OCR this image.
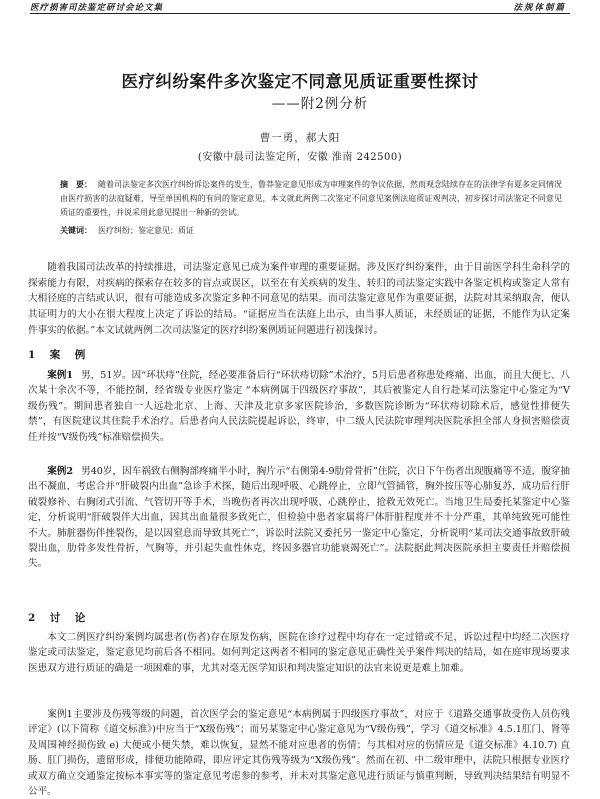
医疗损害司法鉴定研讨会论文集	法规体制篇
医疗纠纷案件多次鉴定不同意见质证重要性探讨
——附2例分析
曹一勇，郝大阳
(安徽中晨司法鉴定所，安徽 淮南 242500)
摘　要： 随着司法鉴定多次医疗纠纷诉讼案件的发生，鲁莽鉴定意见形成为审理案件的争议依据，然而观念陆续存在的法律学有夏多定同情况由医疗损害的法庭疑难，导至单国机构的有同的鉴定意见，本文就此两例二次鉴定不同意见案例法庭质证观判决，初步探讨司法鉴定不同意见质证的重要性，并说采用此意见提出一种新的尝试。
关键词： 医疗纠纷；鉴定意见；质证
随着我国司法改革的持续推进，司法鉴定意见已成为案件审理的重要证据。涉及医疗纠纷案件，由于目前医学科生命科学的探索能力有限，对疾病的探索存在较多的盲点或误区，以至在有关疾病的发生、转归的司法鉴定实践中各鉴定机构或鉴定人常有大相径庭的言结或认识，很有可能造成多次鉴定多种不同意见的结果。而司法鉴定意见作为重要证据，法院对其采纳取舍，便认其证明力的大小在很大程度上决定了诉讼的结局。“证据应当在法庭上出示，由当事人质证，未经质证的证据，不能作为认定案件事实的依据。”本文试就两例二次司法鉴定的医疗纠纷案例质证问题进行初浅探讨。
1　案　例
案例1 男，51岁。因“环状痔”住院，经必要准备后行“环状痔切除”术治疗，5月后患者称患处疼痛、出血，而且大便七、八次某十余次不等，不能控制，经省级专业医疗鉴定 “本病例属于四级医疗事故”，其后被鉴定人自行赴某司法鉴定中心鉴定为“Ⅴ级伤残”。期间患者独自一人远赴北京、上海、天津及北京多家医院诊治，多数医院诊断为“环状痔切除术后，感觉性排便失禁”，有医院建议其住院手术治疗。后患者向人民法院提起诉讼，终审，中二级人民法院审理判决医院承担全部人身损害赔偿责任并按“Ⅴ级伤残”标准赔偿损失。
案例2 男40岁，因车祸致右侧胸部疼痛半小时，胸片示“右侧第4-9肋骨骨折”住院，次日下午伤者出现腹痛等不适，腹穿抽出不凝血，考虑合并“肝破裂内出血”急诊手术探，随后出现呼吸、心跳停止，立即气管插管，胸外按压等心肺复苏，成功后行肝破裂修补、右胸闭式引流、气管切开等手术，当晚伤者再次出现呼吸、心跳停止，抢救无效死亡。当地卫生局委托某鉴定中心鉴定，分析说明“肝破裂伴大出血，因其出血量很多致死亡，但检验中患者家属将尸体肝脏程度并不十分严重，其单纯致死可能性不大。肺脏器伤伴挫裂伤，是以因窒息而导致其死亡”，诉讼时法院又委托另一鉴定中心鉴定，分析说明“某司法交通事故致肝破裂出血，肋骨多发性骨折，气胸等，并引起失血性休克，终因多器官功能衰竭死亡”。法院据此判决医院承担主要责任并赔偿损失。
2　讨　论
本文二例医疗纠纷案例均属患者(伤者)存在原发伤病，医院在诊疗过程中均存在一定过错或不足，诉讼过程中均经二次医疗鉴定或司法鉴定，鉴定意见均前后各不相同。如何判定这两者不相同的鉴定意见正确性关乎案件判决的结局，如在庭审现场要求医患双方进行质证的确是一项困难的事，尤其对毫无医学知识和判决鉴定知识的法官来说更是难上加难。
案例1主要涉及伤残等级的问题，首次医学会的鉴定意见“本病例属于四级医疗事故”，对应于《道路交通事故受伤人员伤残评定》(以下简称《道交标准》)中应当于“Ⅹ级伤残”；而另某鉴定中心鉴定意见为“Ⅴ级伤残”，学习《道交标准》4.5.1肛门、肾等及周围神经损伤致 e) 大便或小便失禁，难以恢复，显然不能对应患者的伤情；与其相对应的伤情应是《道交标准》4.10.7) 直肠、肛门损伤，遗留形成，排便功能障碍，即应评定其伤残等级为“Ⅹ级伤残”。然而在初、中二级审理中，法院只根据专业医疗或双方确立交通鉴定按标本事实等的鉴定意见考虑参的参考，并未对其鉴定意见进行质证与慎重判断，导致判决结果结有明显不公平。
